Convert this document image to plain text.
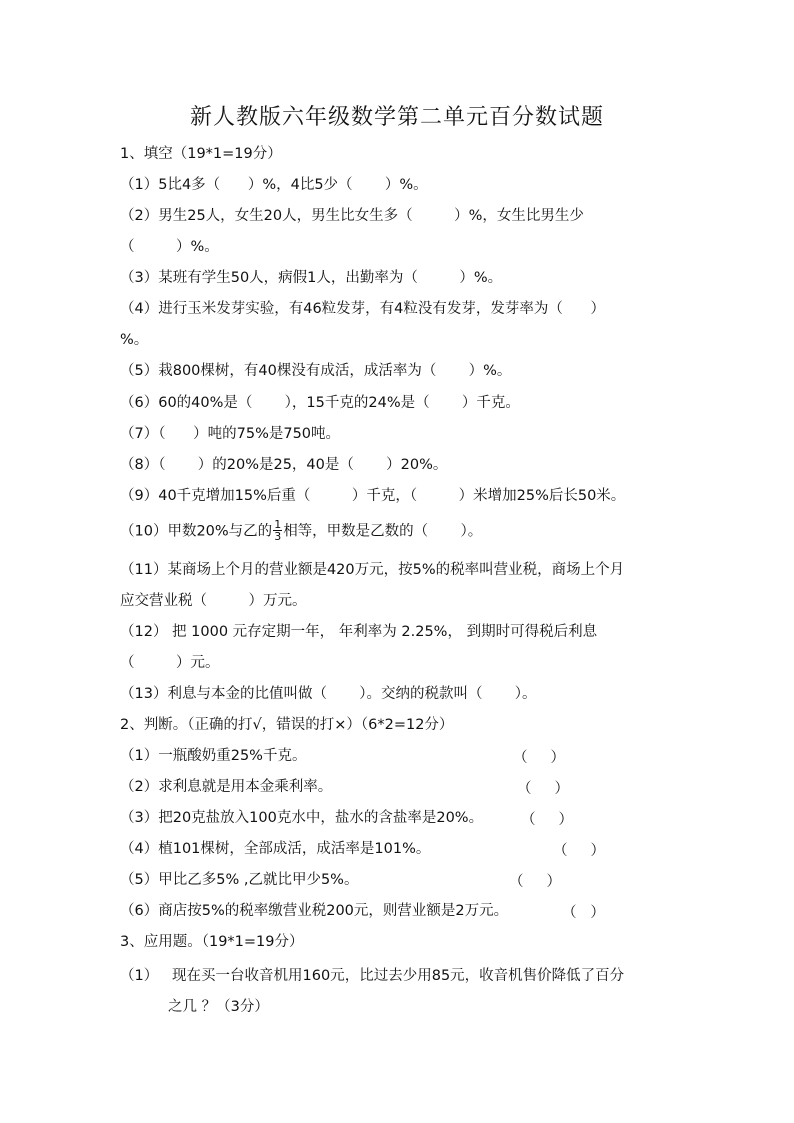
新人教版六年级数学第二单元百分数试题
1、填空（19*1=19分）
（1）5比4多（      ）%，4比5少（       ）%。
（2）男生25人，女生20人，男生比女生多（         ）%，女生比男生少
（         ）%。
（3）某班有学生50人，病假1人，出勤率为（         ）%。
（4）进行玉米发芽实验，有46粒发芽，有4粒没有发芽，发芽率为（      ）
%。
（5）栽800棵树，有40棵没有成活，成活率为（       ）%。
（6）60的40%是（       ），15千克的24%是（       ）千克。
（7）（      ）吨的75%是750吨。
（8）（       ）的20%是25，40是（       ）20%。
（9）40千克增加15%后重（         ）千克，（         ）米增加25%后长50米。
（10）甲数20%与乙的 $\frac{1}{3}$ 相等，甲数是乙数的（       ）。
（11）某商场上个月的营业额是420万元，按5%的税率叫营业税，商场上个月
应交营业税（         ）万元。
（12） 把 1000 元存定期一年， 年利率为 2.25%， 到期时可得税后利息
（         ）元。
（13）利息与本金的比值叫做（       ）。交纳的税款叫（       ）。
2、判断。（正确的打√，错误的打×）（6*2=12分）
（1）一瓶酸奶重25%千克。	（     ）
（2）求利息就是用本金乘利率。	（     ）
（3）把20克盐放入100克水中，盐水的含盐率是20%。	（     ）
（4）植101棵树，全部成活，成活率是101%。	（     ）
（5）甲比乙多5% ,乙就比甲少5%。	（     ）
（6）商店按5%的税率缴营业税200元，则营业额是2万元。	（   ）
3、应用题。（19*1=19分）
（1）   现在买一台收音机用160元，比过去少用85元，收音机售价降低了百分
之几 ？（3分）
